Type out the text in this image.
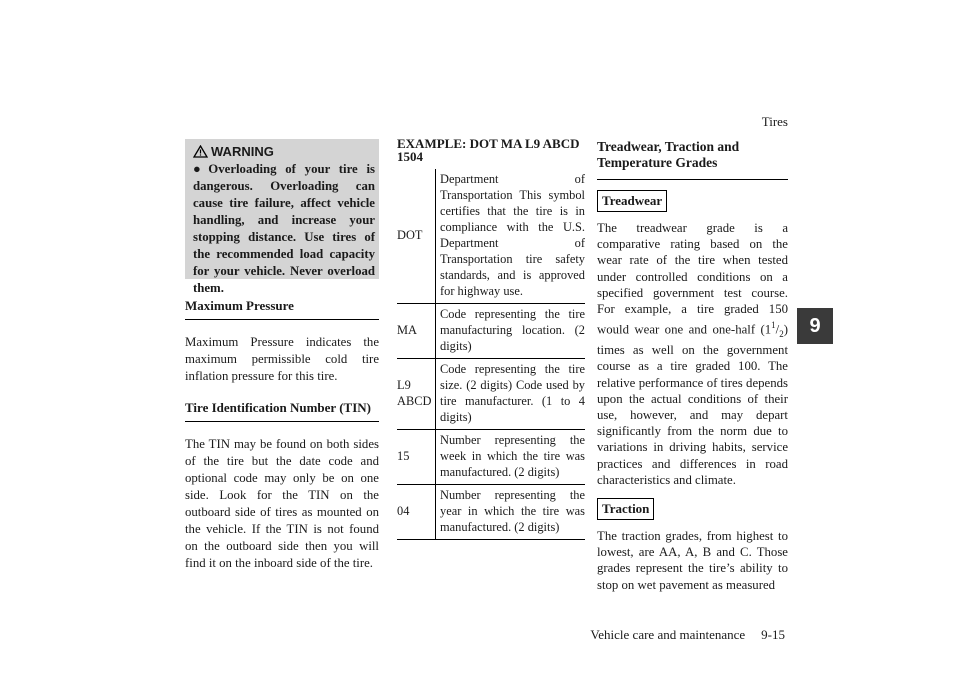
Tires
9
Vehicle care and maintenance 9-15
WARNING
● Overloading of your tire is dangerous. Overloading can cause tire failure, affect vehicle handling, and increase your stopping distance. Use tires of the recommended load capacity for your vehicle. Never overload them.
Maximum Pressure
Maximum Pressure indicates the maximum permissible cold tire inflation pressure for this tire.
Tire Identification Number (TIN)
The TIN may be found on both sides of the tire but the date code and optional code may only be on one side. Look for the TIN on the outboard side of tires as mounted on the vehicle. If the TIN is not found on the outboard side then you will find it on the inboard side of the tire.
EXAMPLE: DOT MA L9 ABCD 1504
DOT	Department of Transportation This symbol certifies that the tire is in compliance with the U.S. Department of Transportation tire safety standards, and is approved for highway use.
MA	Code representing the tire manufacturing location. (2 digits)
L9 ABCD	Code representing the tire size. (2 digits) Code used by tire manufacturer. (1 to 4 digits)
15	Number representing the week in which the tire was manufactured. (2 digits)
04	Number representing the year in which the tire was manufactured. (2 digits)
Treadwear, Traction and Temperature Grades
Treadwear
The treadwear grade is a comparative rating based on the wear rate of the tire when tested under controlled conditions on a specified government test course. For example, a tire graded 150 would wear one and one-half $(1^1/_2)$ times as well on the government course as a tire graded 100. The relative performance of tires depends upon the actual conditions of their use, however, and may depart significantly from the norm due to variations in driving habits, service practices and differences in road characteristics and climate.
Traction
The traction grades, from highest to lowest, are AA, A, B and C. Those grades represent the tire’s ability to stop on wet pavement as measured
